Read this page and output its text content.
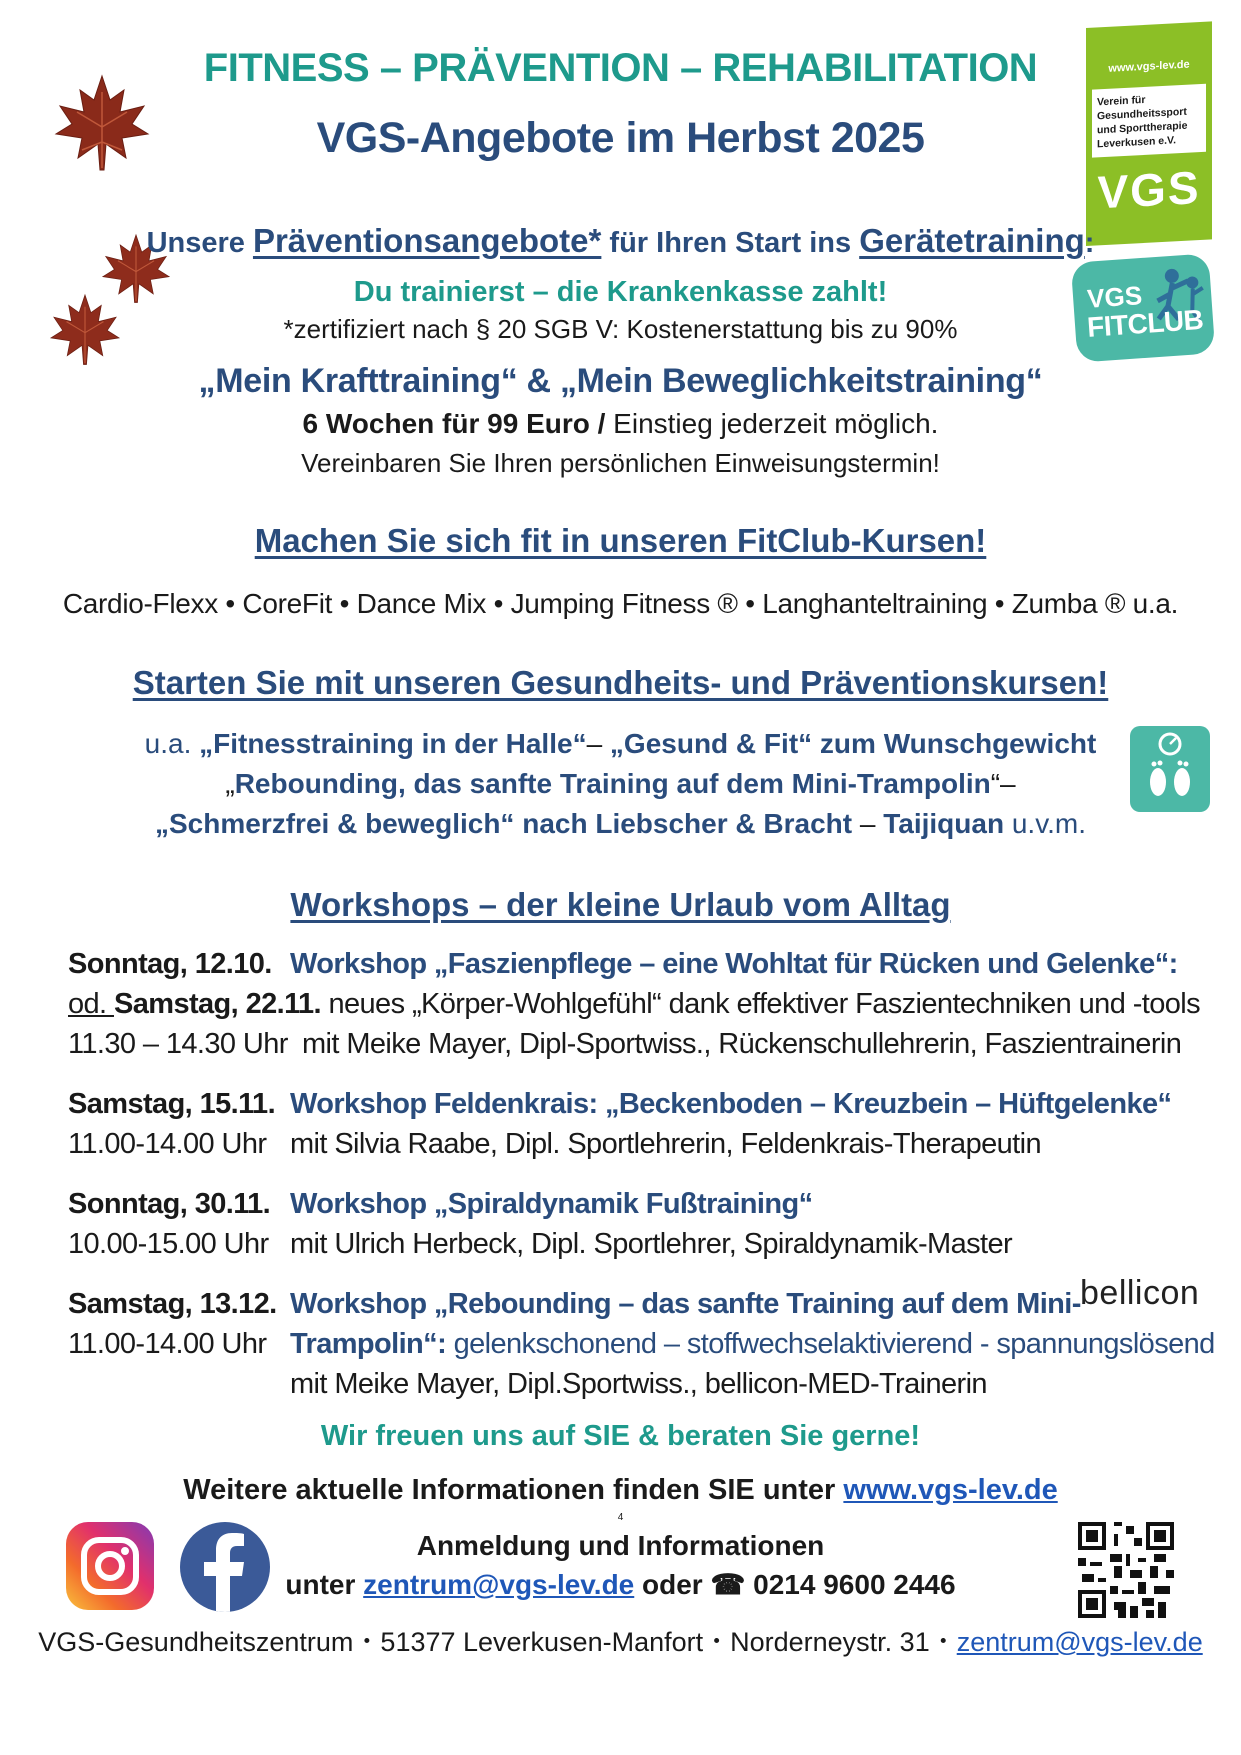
FITNESS – PRÄVENTION – REHABILITATION
VGS-Angebote im Herbst 2025
www.vgs-lev.de
Verein für
Gesundheitssport
und Sporttherapie
Leverkusen e.V.
VGS
VGS
FITCLUB
Unsere Präventionsangebote* für Ihren Start ins Gerätetraining:
Du trainierst – die Krankenkasse zahlt!
*zertifiziert nach § 20 SGB V: Kostenerstattung bis zu 90%
„Mein Krafttraining“ & „Mein Beweglichkeitstraining“
6 Wochen für 99 Euro / Einstieg jederzeit möglich.
Vereinbaren Sie Ihren persönlichen Einweisungstermin!
Machen Sie sich fit in unseren FitClub-Kursen!
Cardio-Flexx • CoreFit • Dance Mix • Jumping Fitness ® • Langhanteltraining • Zumba ® u.a.
Starten Sie mit unseren Gesundheits- und Präventionskursen!
u.a. „Fitnesstraining in der Halle“– „Gesund & Fit“ zum Wunschgewicht
„Rebounding, das sanfte Training auf dem Mini-Trampolin“–
„Schmerzfrei & beweglich“ nach Liebscher & Bracht – Taijiquan u.v.m.
Workshops – der kleine Urlaub vom Alltag
Sonntag, 12.10. Workshop „Faszienpflege – eine Wohltat für Rücken und Gelenke“:
od. Samstag, 22.11. neues „Körper-Wohlgefühl“ dank effektiver Faszientechniken und -tools
11.30 – 14.30 Uhr mit Meike Mayer, Dipl-Sportwiss., Rückenschullehrerin, Faszientrainerin
Samstag, 15.11. Workshop Feldenkrais: „Beckenboden – Kreuzbein – Hüftgelenke“
11.00-14.00 Uhr mit Silvia Raabe, Dipl. Sportlehrerin, Feldenkrais-Therapeutin
Sonntag, 30.11. Workshop „Spiraldynamik Fußtraining“
10.00-15.00 Uhr mit Ulrich Herbeck, Dipl. Sportlehrer, Spiraldynamik-Master
Samstag, 13.12. Workshop „Rebounding – das sanfte Training auf dem Mini-
11.00-14.00 Uhr Trampolin“: gelenkschonend – stoffwechselaktivierend - spannungslösend
mit Meike Mayer, Dipl.Sportwiss., bellicon-MED-Trainerin
bellicon
Wir freuen uns auf SIE & beraten Sie gerne!
Weitere aktuelle Informationen finden SIE unter www.vgs-lev.de
4
Anmeldung und Informationen
unter zentrum@vgs-lev.de oder ☎ 0214 9600 2446
VGS-Gesundheitszentrum・51377 Leverkusen-Manfort・Norderneystr. 31・zentrum@vgs-lev.de
